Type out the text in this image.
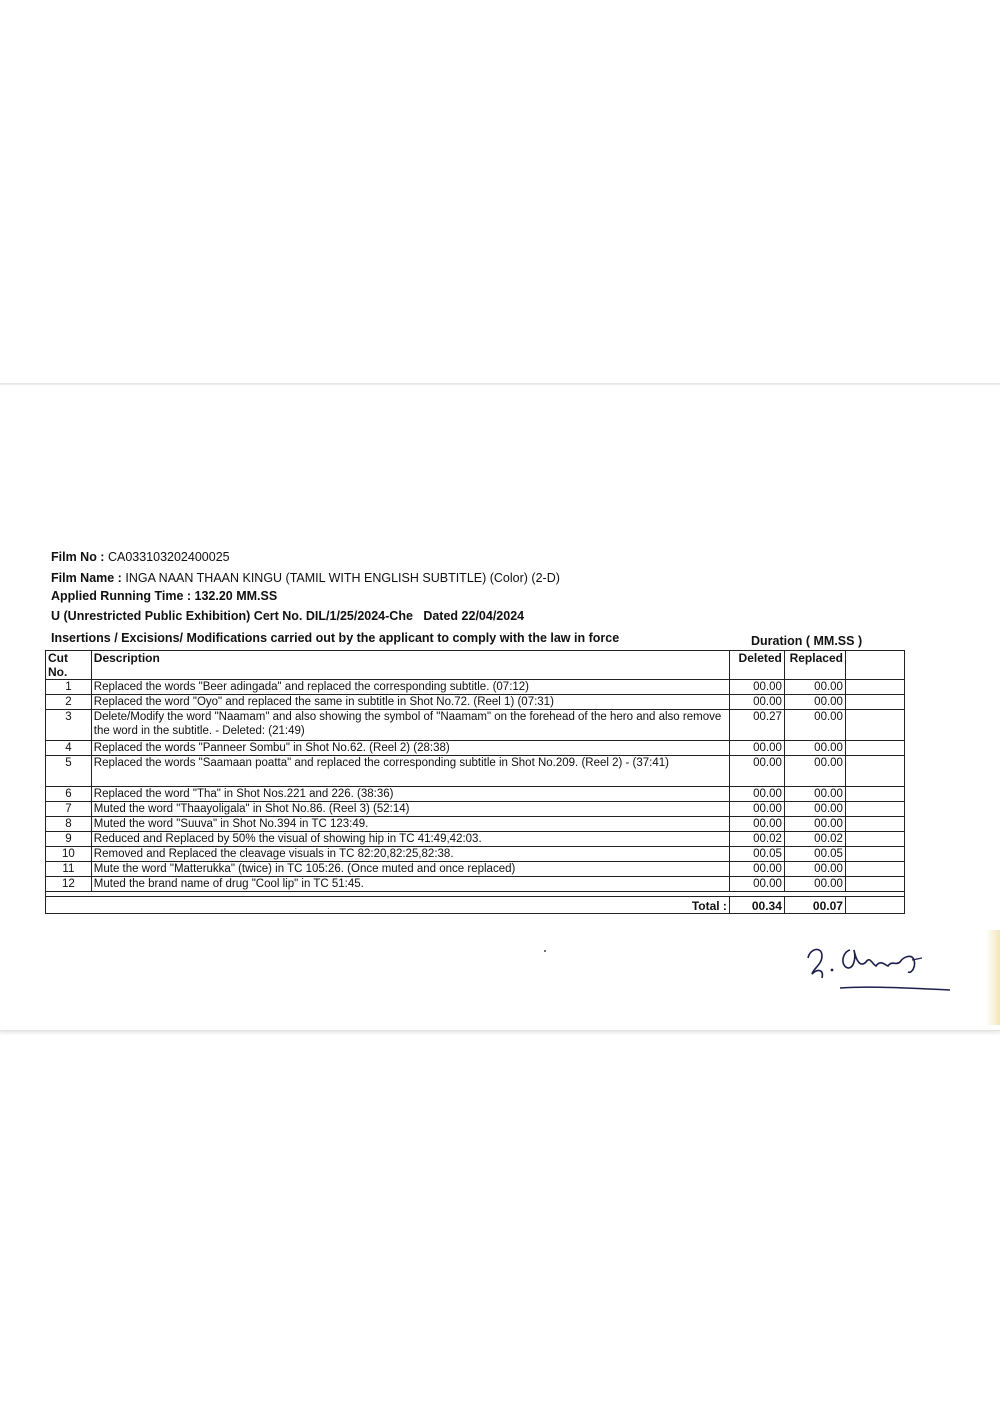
Film No : CA033103202400025
Film Name : INGA NAAN THAAN KINGU (TAMIL WITH ENGLISH SUBTITLE) (Color) (2-D)
Applied Running Time : 132.20 MM.SS
U (Unrestricted Public Exhibition) Cert No. DIL/1/25/2024-Che Dated 22/04/2024
Insertions / Excisions/ Modifications carried out by the applicant to comply with the law in force	Duration ( MM.SS )
Cut No.	Description	Deleted	Replaced	
1	Replaced the words "Beer adingada" and replaced the corresponding subtitle. (07:12)	00.00	00.00	
2	Replaced the word "Oyo" and replaced the same in subtitle in Shot No.72. (Reel 1) (07:31)	00.00	00.00	
3	Delete/Modify the word "Naamam" and also showing the symbol of "Naamam" on the forehead of the hero and also remove the word in the subtitle. - Deleted: (21:49)	00.27	00.00	
4	Replaced the words "Panneer Sombu" in Shot No.62. (Reel 2) (28:38)	00.00	00.00	
5	Replaced the words "Saamaan poatta" and replaced the corresponding subtitle in Shot No.209. (Reel 2) - (37:41)	00.00	00.00	
6	Replaced the word "Tha" in Shot Nos.221 and 226. (38:36)	00.00	00.00	
7	Muted the word "Thaayoligala" in Shot No.86. (Reel 3) (52:14)	00.00	00.00	
8	Muted the word "Suuva" in Shot No.394 in TC 123:49.	00.00	00.00	
9	Reduced and Replaced by 50% the visual of showing hip in TC 41:49,42:03.	00.02	00.02	
10	Removed and Replaced the cleavage visuals in TC 82:20,82:25,82:38.	00.05	00.05	
11	Mute the word "Matterukka" (twice) in TC 105:26. (Once muted and once replaced)	00.00	00.00	
12	Muted the brand name of drug "Cool lip" in TC 51:45.	00.00	00.00	

Total :		00.34	00.07	
